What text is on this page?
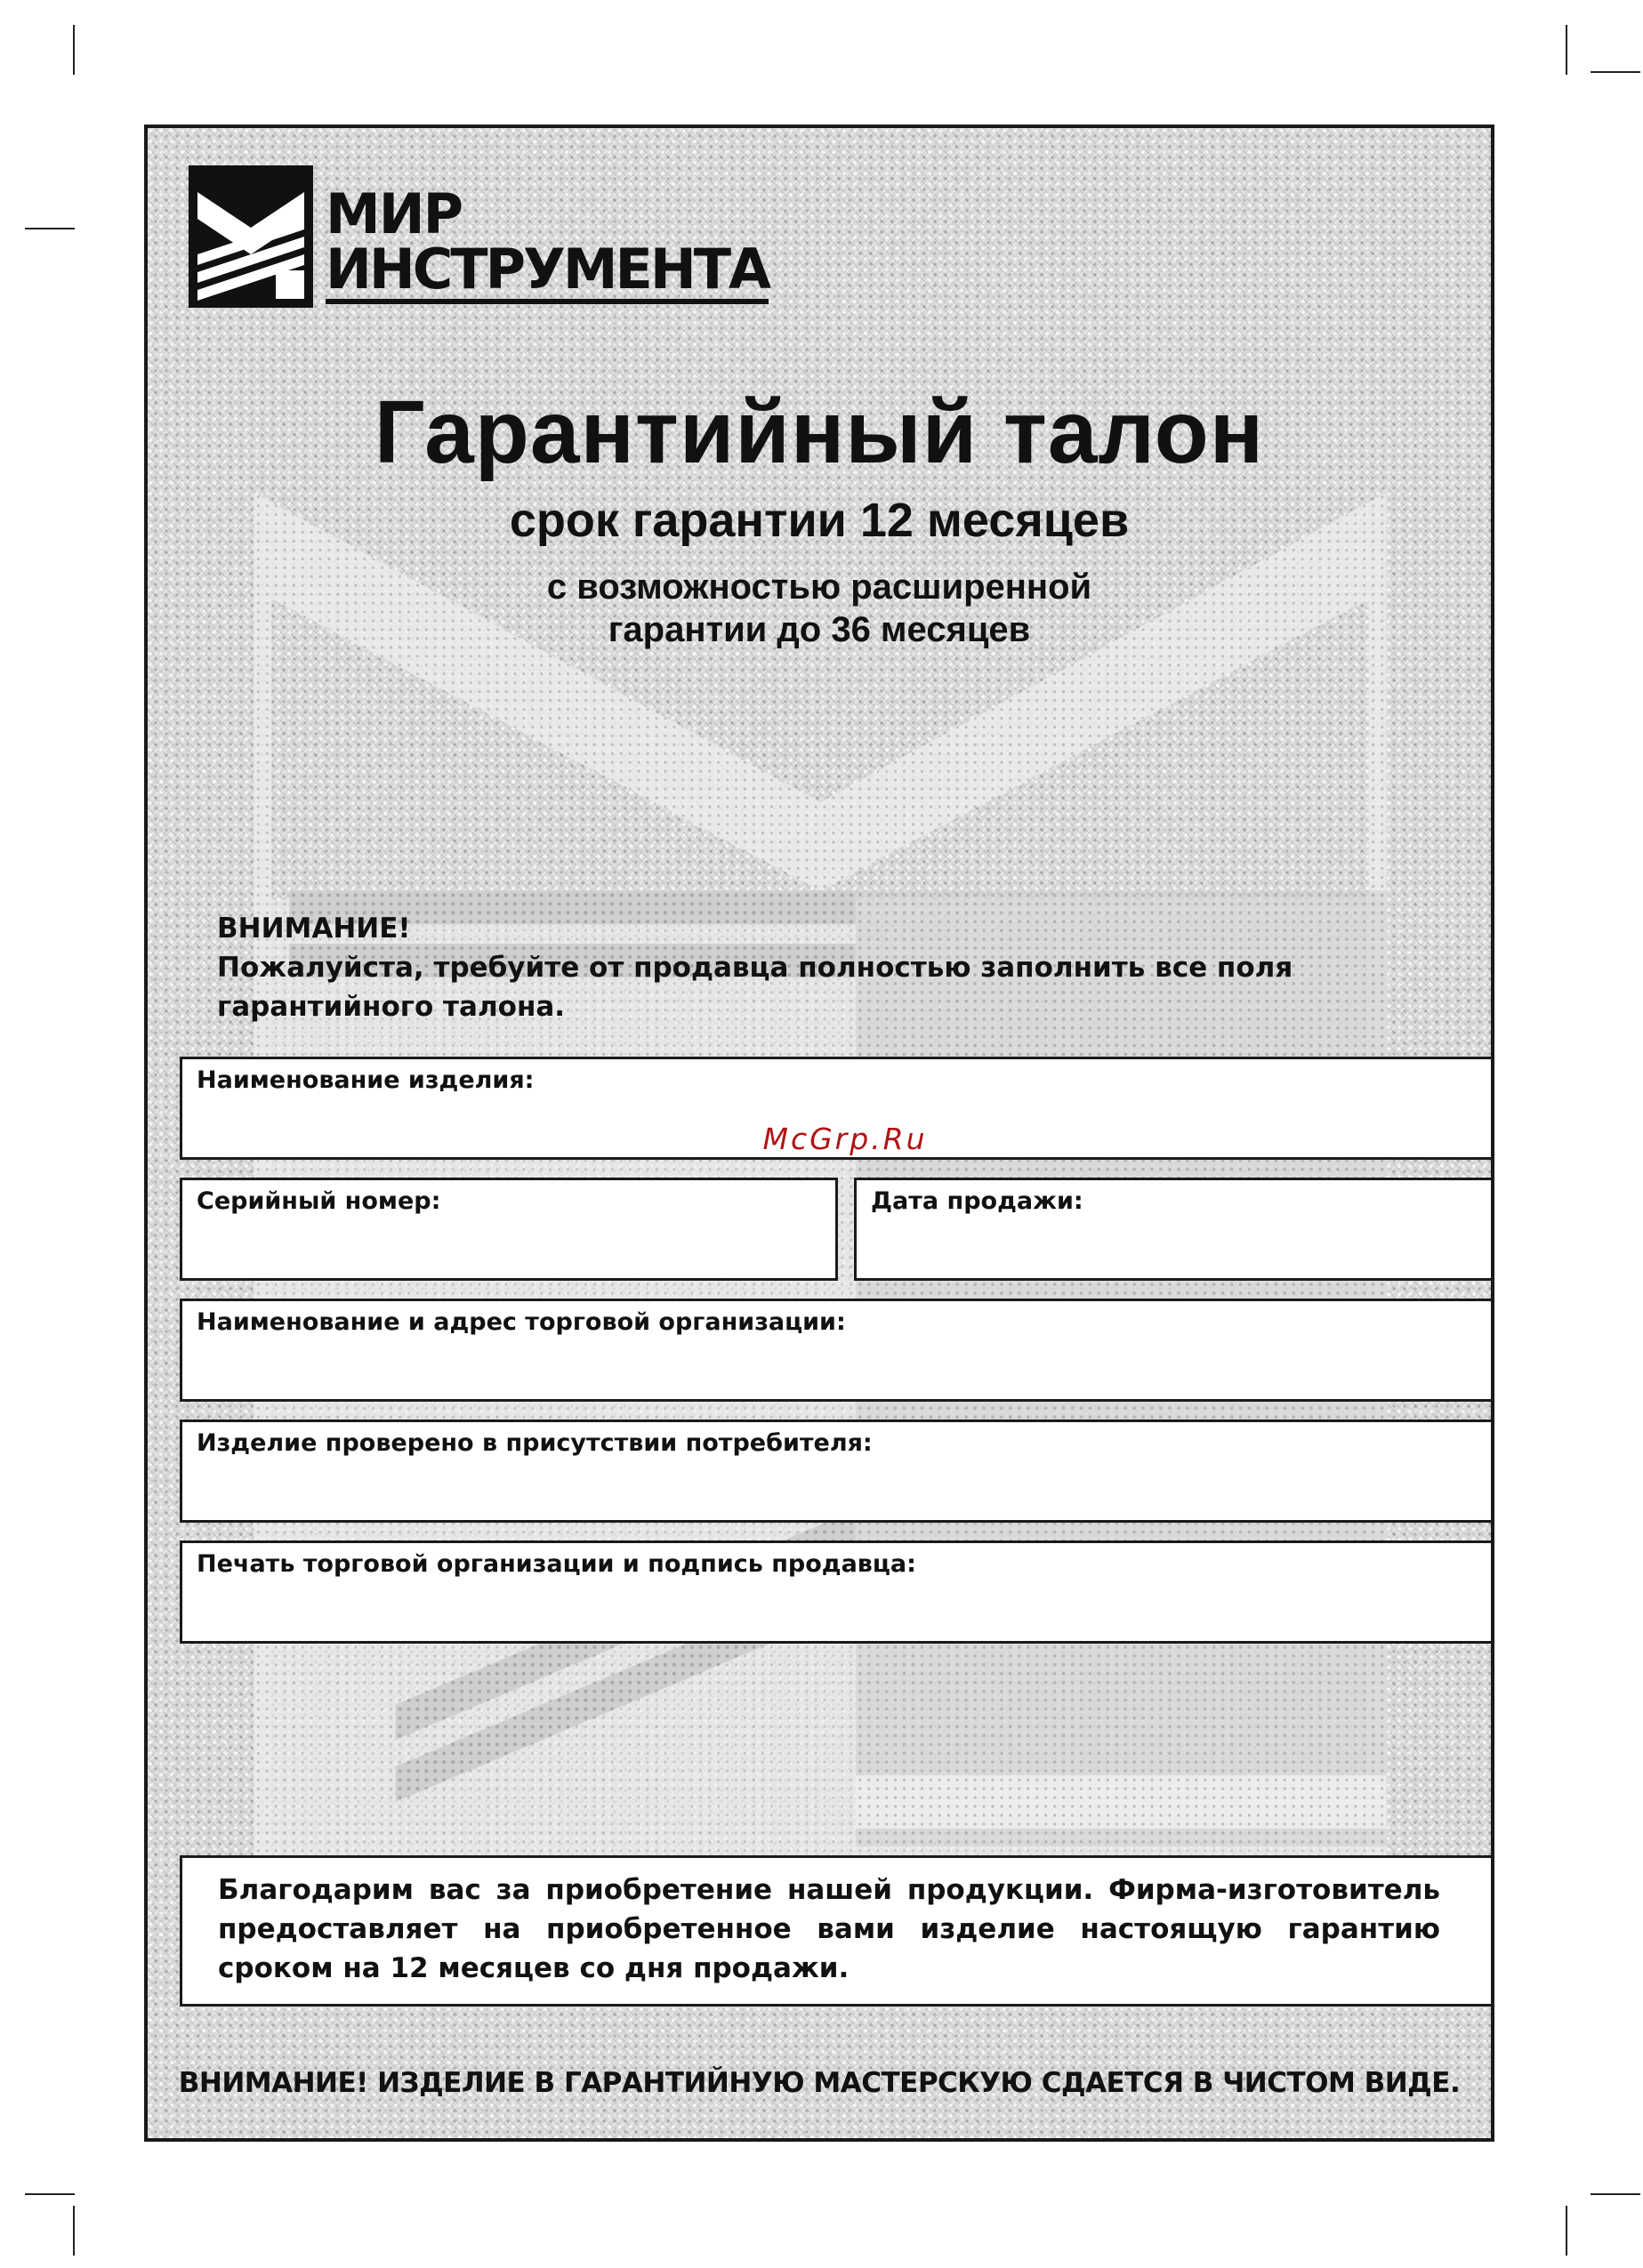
МИР
ИНСТРУМЕНТА
Гарантийный талон
срок гарантии 12 месяцев
с возможностью расширенной
гарантии до 36 месяцев
ВНИМАНИЕ!
Пожалуйста, требуйте от продавца полностью заполнить все поля
гарантийного талона.
Наименование изделия:
McGrp.Ru
Серийный номер:	Дата продажи:
Наименование и адрес торговой организации:
Изделие проверено в присутствии потребителя:
Печать торговой организации и подпись продавца:
Благодарим вас за приобретение нашей продукции. Фирма-изготовитель предоставляет на приобретенное вами изделие настоящую гарантию сроком на 12 месяцев со дня продажи.
ВНИМАНИЕ! ИЗДЕЛИЕ В ГАРАНТИЙНУЮ МАСТЕРСКУЮ СДАЕТСЯ В ЧИСТОМ ВИДЕ.
